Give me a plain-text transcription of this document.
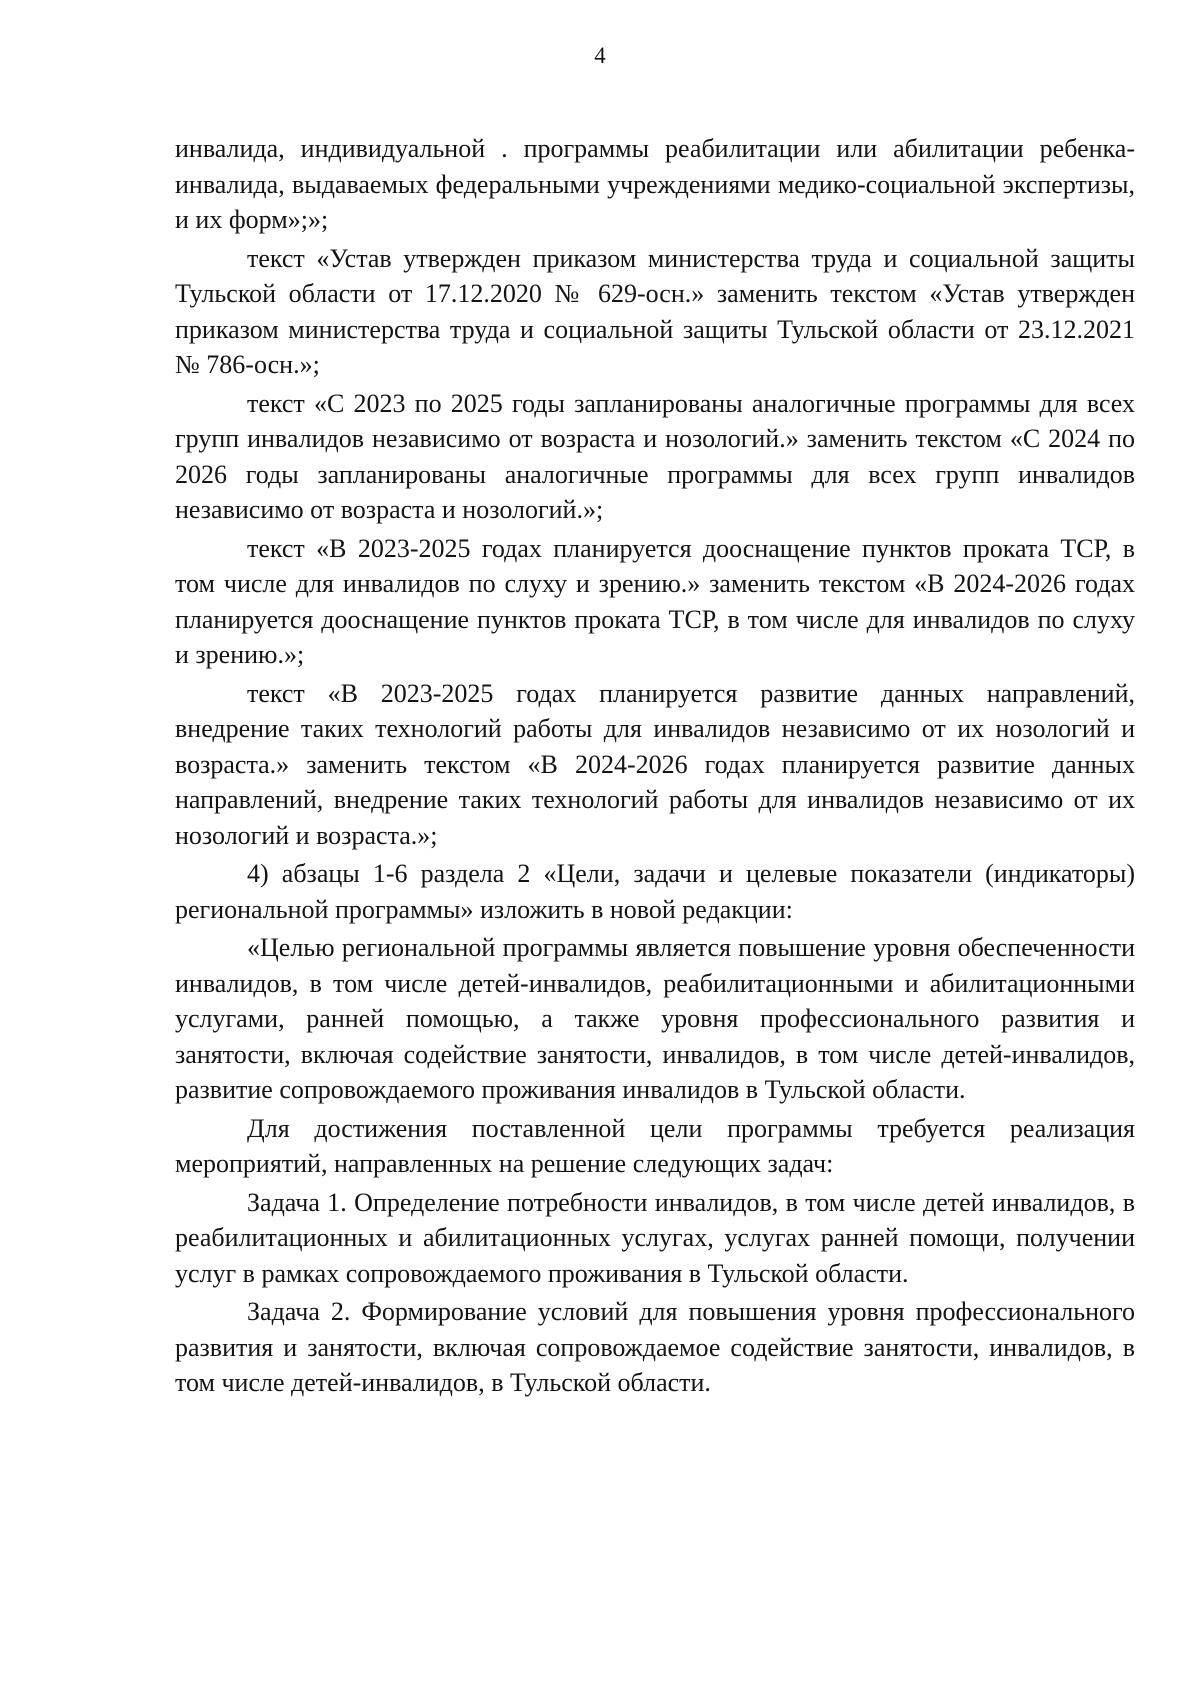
4

инвалида, индивидуальной . программы реабилитации или абилитации ребенка-инвалида, выдаваемых федеральными учреждениями медико-социальной экспертизы, и их форм»;»;

текст «Устав утвержден приказом министерства труда и социальной защиты Тульской области от 17.12.2020 № 629-осн.» заменить текстом «Устав утвержден приказом министерства труда и социальной защиты Тульской области от 23.12.2021 № 786-осн.»;

текст «С 2023 по 2025 годы запланированы аналогичные программы для всех групп инвалидов независимо от возраста и нозологий.» заменить текстом «С 2024 по 2026 годы запланированы аналогичные программы для всех групп инвалидов независимо от возраста и нозологий.»;

текст «В 2023-2025 годах планируется дооснащение пунктов проката ТСР, в том числе для инвалидов по слуху и зрению.» заменить текстом «В 2024-2026 годах планируется дооснащение пунктов проката ТСР, в том числе для инвалидов по слуху и зрению.»;

текст «В 2023-2025 годах планируется развитие данных направлений, внедрение таких технологий работы для инвалидов независимо от их нозологий и возраста.» заменить текстом «В 2024-2026 годах планируется развитие данных направлений, внедрение таких технологий работы для инвалидов независимо от их нозологий и возраста.»;

4) абзацы 1-6 раздела 2 «Цели, задачи и целевые показатели (индикаторы) региональной программы» изложить в новой редакции:

«Целью региональной программы является повышение уровня обеспеченности инвалидов, в том числе детей-инвалидов, реабилитационными и абилитационными услугами, ранней помощью, а также уровня профессионального развития и занятости, включая содействие занятости, инвалидов, в том числе детей-инвалидов, развитие сопровождаемого проживания инвалидов в Тульской области.

Для достижения поставленной цели программы требуется реализация мероприятий, направленных на решение следующих задач:

Задача 1. Определение потребности инвалидов, в том числе детей инвалидов, в реабилитационных и абилитационных услугах, услугах ранней помощи, получении услуг в рамках сопровождаемого проживания в Тульской области.

Задача 2. Формирование условий для повышения уровня профессионального развития и занятости, включая сопровождаемое содействие занятости, инвалидов, в том числе детей-инвалидов, в Тульской области.
